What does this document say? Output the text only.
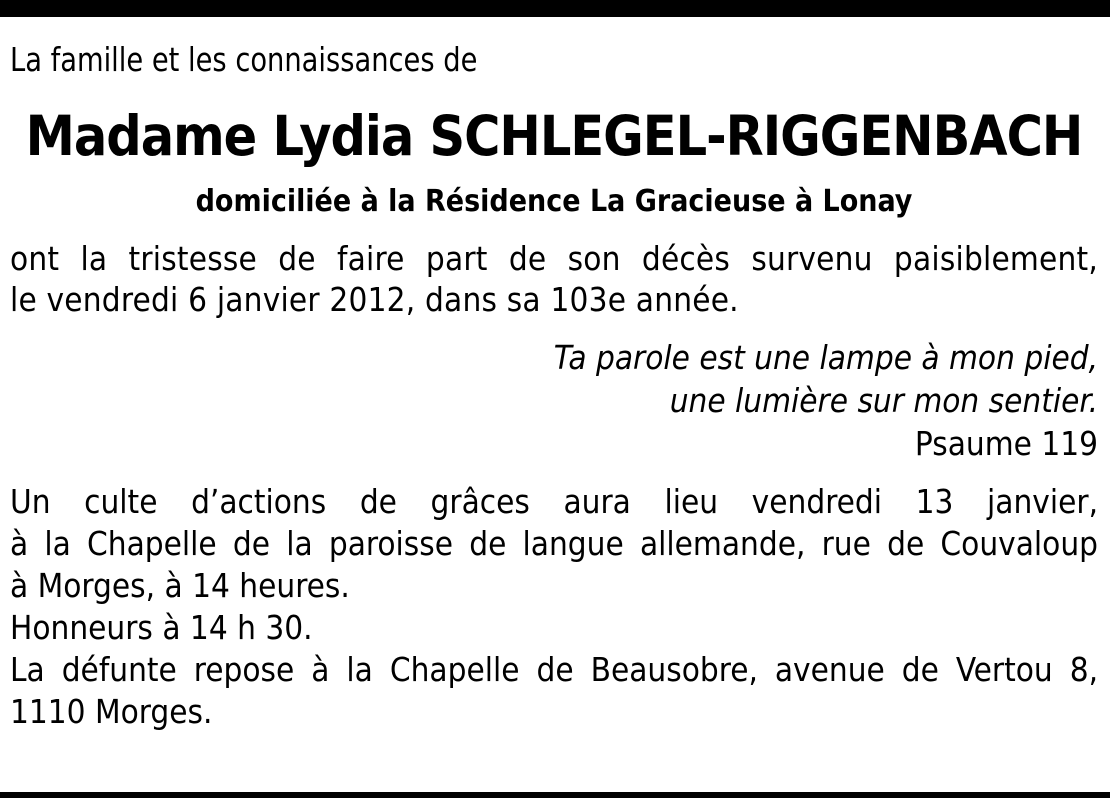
La famille et les connaissances de

Madame Lydia SCHLEGEL-RIGGENBACH
domiciliée à la Résidence La Gracieuse à Lonay

ont la tristesse de faire part de son décès survenu paisiblement,
le vendredi 6 janvier 2012, dans sa 103e année.

Ta parole est une lampe à mon pied,
une lumière sur mon sentier.

Psaume 119

Un culte d’actions de grâces aura lieu vendredi 13 janvier,
à la Chapelle de la paroisse de langue allemande, rue de Couvaloup
à Morges, à 14 heures.

Honneurs à 14 h 30.

La défunte repose à la Chapelle de Beausobre, avenue de Vertou 8,
1110 Morges.
